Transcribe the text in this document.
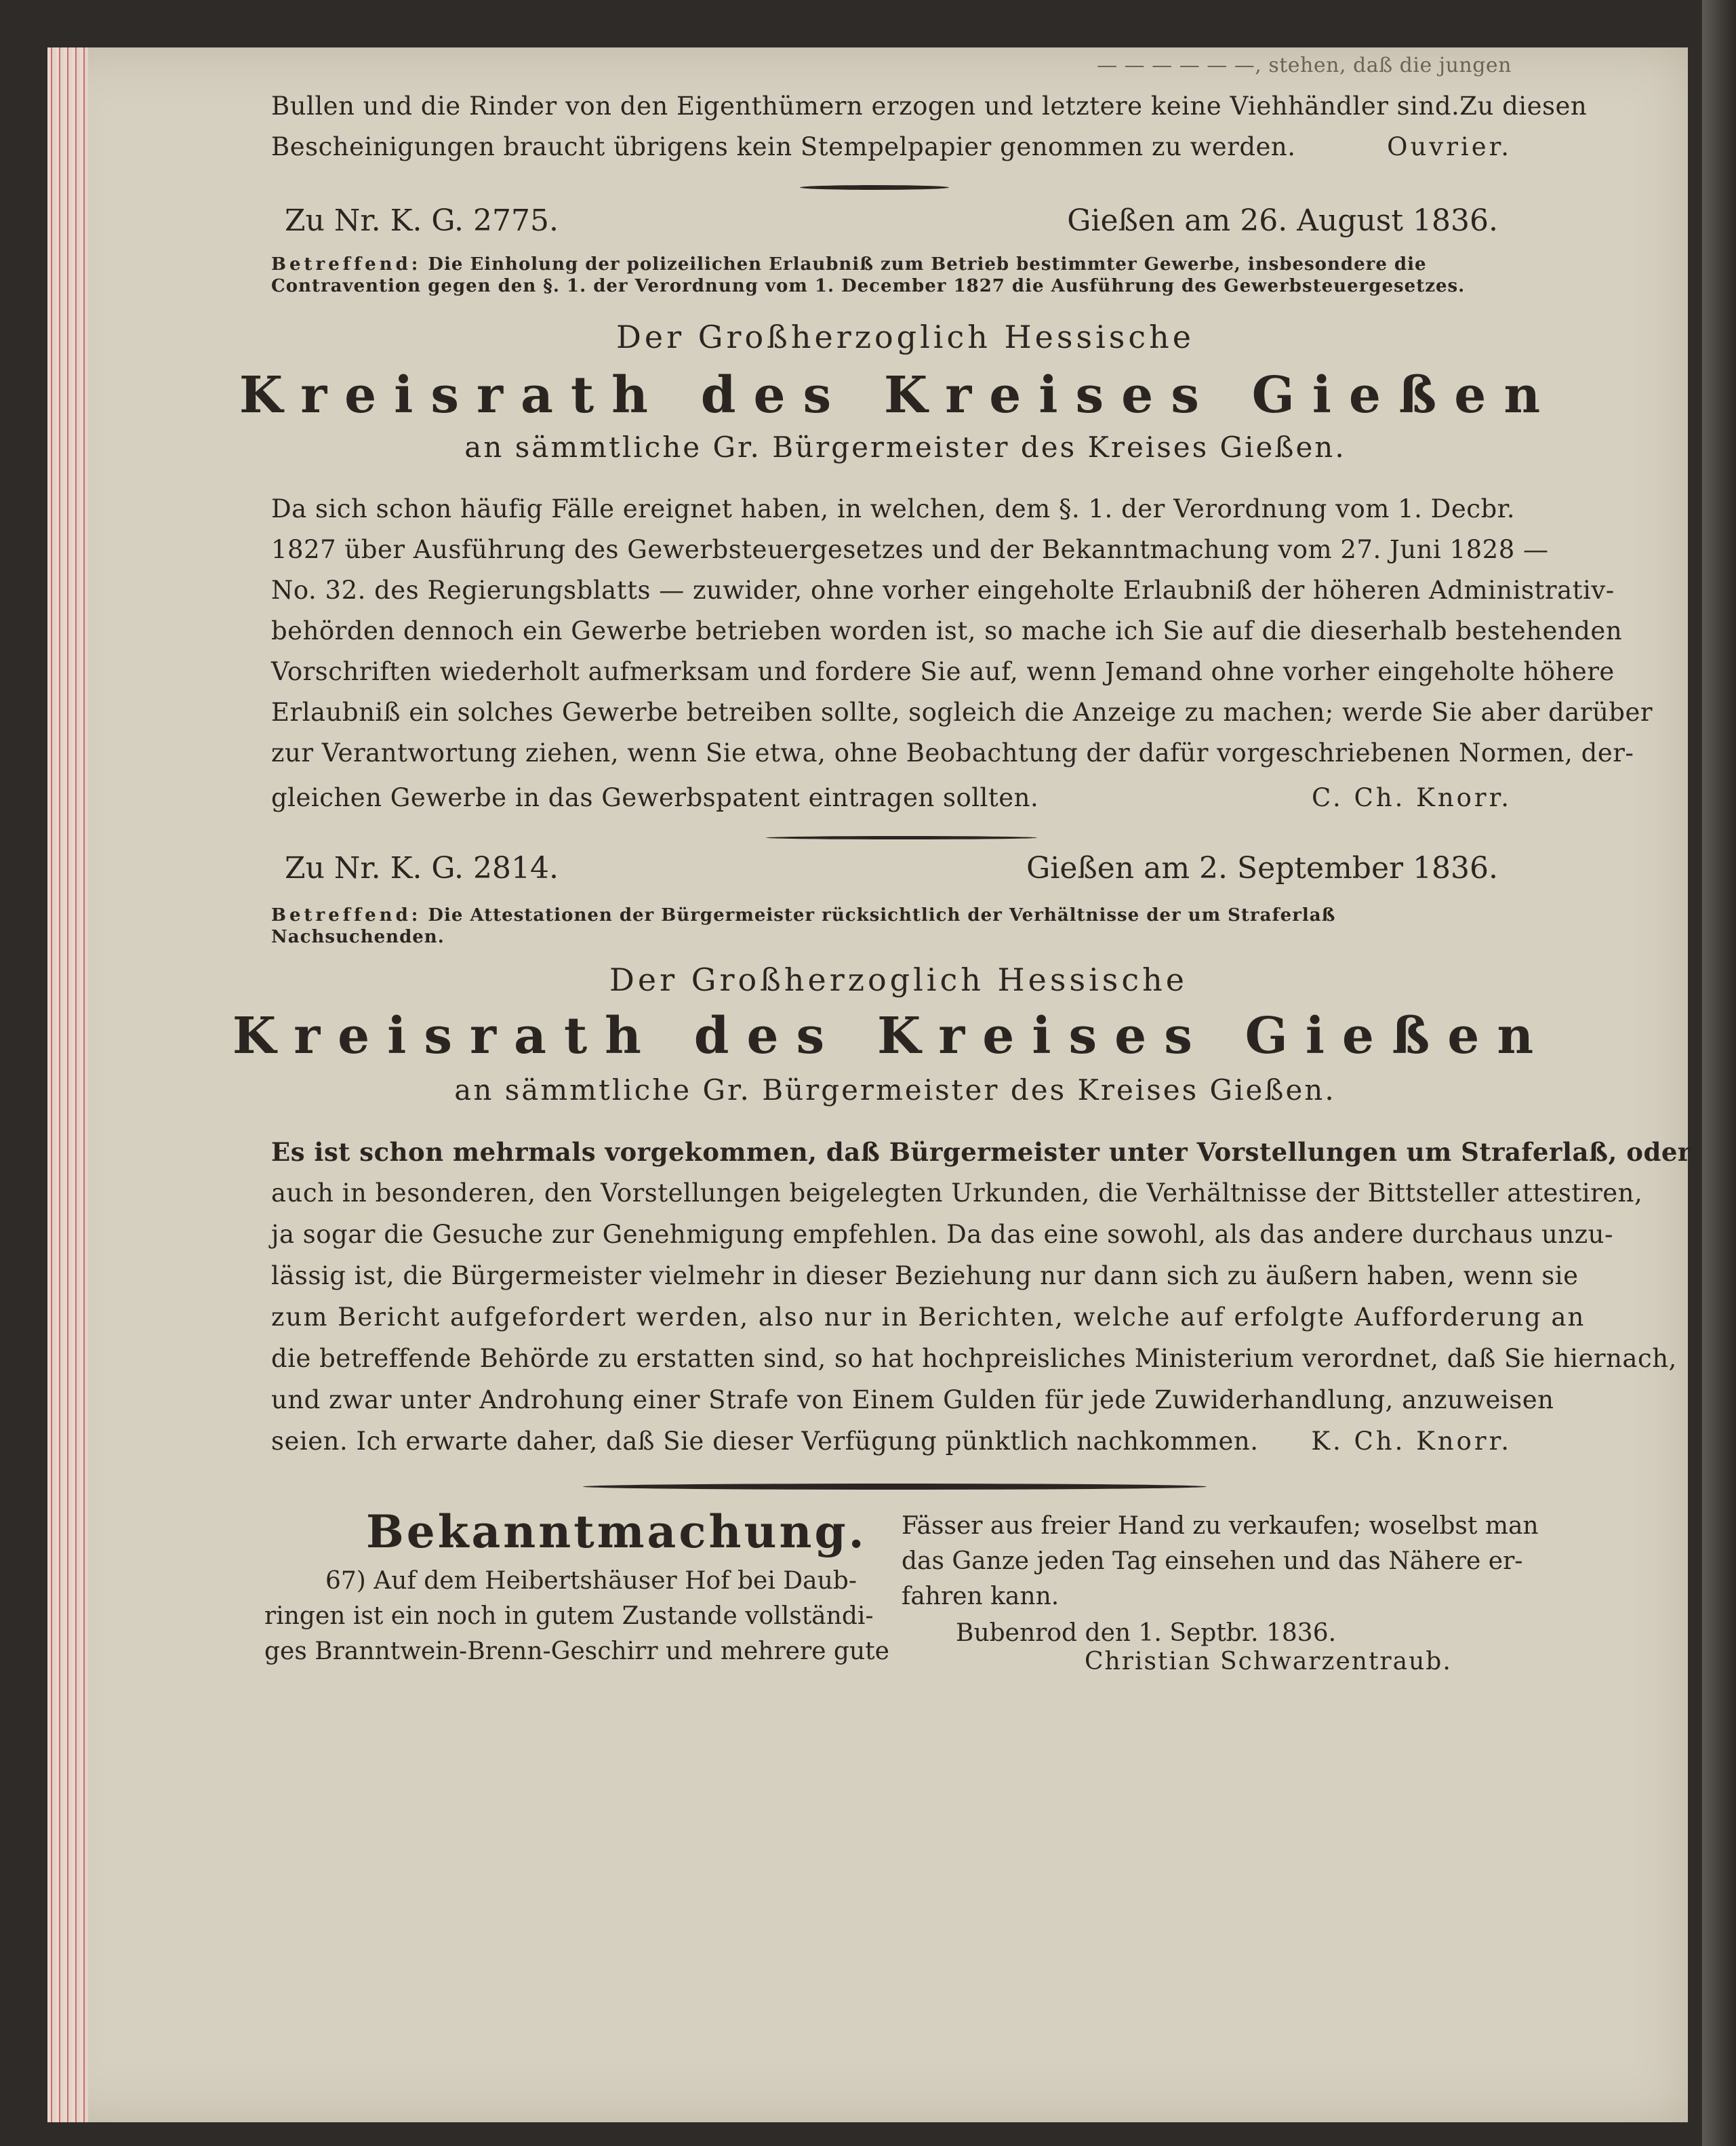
— — — — — —, stehen, daß die jungen
Bullen und die Rinder von den Eigenthümern erzogen und letztere keine Viehhändler sind. Zu diesen
Bescheinigungen braucht übrigens kein Stempelpapier genommen zu werden.	Ouvrier.
Zu Nr. K. G. 2775.	Gießen am 26. August 1836.
Betreffend: Die Einholung der polizeilichen Erlaubniß zum Betrieb bestimmter Gewerbe, insbesondere die Contravention gegen den §. 1. der Verordnung vom 1. December 1827 die Ausführung des Gewerbsteuergesetzes.
Der Großherzoglich Hessische
Kreisrath des Kreises Gießen
an sämmtliche Gr. Bürgermeister des Kreises Gießen.
Da sich schon häufig Fälle ereignet haben, in welchen, dem §. 1. der Verordnung vom 1. Decbr.
1827 über Ausführung des Gewerbsteuergesetzes und der Bekanntmachung vom 27. Juni 1828 —
No. 32. des Regierungsblatts — zuwider, ohne vorher eingeholte Erlaubniß der höheren Administrativ-
behörden dennoch ein Gewerbe betrieben worden ist, so mache ich Sie auf die dieserhalb bestehenden
Vorschriften wiederholt aufmerksam und fordere Sie auf, wenn Jemand ohne vorher eingeholte höhere
Erlaubniß ein solches Gewerbe betreiben sollte, sogleich die Anzeige zu machen; werde Sie aber darüber
zur Verantwortung ziehen, wenn Sie etwa, ohne Beobachtung der dafür vorgeschriebenen Normen, der-
gleichen Gewerbe in das Gewerbspatent eintragen sollten.	C. Ch. Knorr.
Zu Nr. K. G. 2814.	Gießen am 2. September 1836.
Betreffend: Die Attestationen der Bürgermeister rücksichtlich der Verhältnisse der um Straferlaß Nachsuchenden.
Der Großherzoglich Hessische
Kreisrath des Kreises Gießen
an sämmtliche Gr. Bürgermeister des Kreises Gießen.
Es ist schon mehrmals vorgekommen, daß Bürgermeister unter Vorstellungen um Straferlaß, oder
auch in besonderen, den Vorstellungen beigelegten Urkunden, die Verhältnisse der Bittsteller attestiren,
ja sogar die Gesuche zur Genehmigung empfehlen. Da das eine sowohl, als das andere durchaus unzu-
lässig ist, die Bürgermeister vielmehr in dieser Beziehung nur dann sich zu äußern haben, wenn sie
zum Bericht aufgefordert werden, also nur in Berichten, welche auf erfolgte Aufforderung an
die betreffende Behörde zu erstatten sind, so hat hochpreisliches Ministerium verordnet, daß Sie hiernach,
und zwar unter Androhung einer Strafe von Einem Gulden für jede Zuwiderhandlung, anzuweisen
seien. Ich erwarte daher, daß Sie dieser Verfügung pünktlich nachkommen. K. Ch. Knorr.
Bekanntmachung.
67) Auf dem Heibertshäuser Hof bei Daub-
ringen ist ein noch in gutem Zustande vollständi-
ges Branntwein-Brenn-Geschirr und mehrere gute
Fässer aus freier Hand zu verkaufen; woselbst man
das Ganze jeden Tag einsehen und das Nähere er-
fahren kann.
Bubenrod den 1. Septbr. 1836.
Christian Schwarzentraub.
